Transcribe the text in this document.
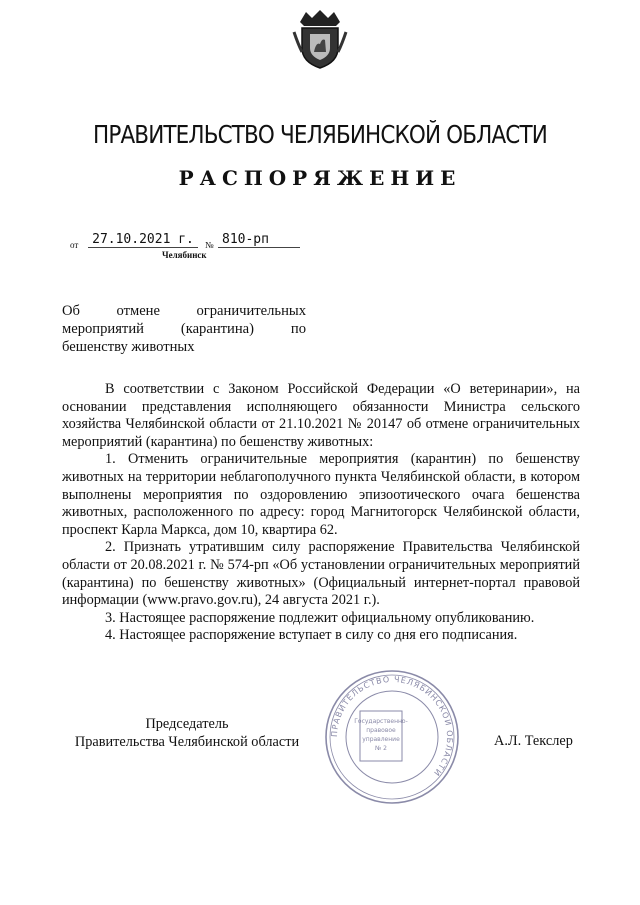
ПРАВИТЕЛЬСТВО ЧЕЛЯБИНСКОЙ ОБЛАСТИ
РАСПОРЯЖЕНИЕ
от	27.10.2021 г.	№ 810-рп
Челябинск
Об отмене ограничительных мероприятий (карантина) по бешенству животных

В соответствии с Законом Российской Федерации «О ветеринарии», на основании представления исполняющего обязанности Министра сельского хозяйства Челябинской области от 21.10.2021 № 20147 об отмене ограничительных мероприятий (карантина) по бешенству животных:

1. Отменить ограничительные мероприятия (карантин) по бешенству животных на территории неблагополучного пункта Челябинской области, в котором выполнены мероприятия по оздоровлению эпизоотического очага бешенства животных, расположенного по адресу: город Магнитогорск Челябинской области, проспект Карла Маркса, дом 10, квартира 62.

2. Признать утратившим силу распоряжение Правительства Челябинской области от 20.08.2021 г. № 574-рп «Об установлении ограничительных мероприятий (карантина) по бешенству животных» (Официальный интернет-портал правовой информации (www.pravo.gov.ru), 24 августа 2021 г.).

3. Настоящее распоряжение подлежит официальному опубликованию.

4. Настоящее распоряжение вступает в силу со дня его подписания.

Председатель
Правительства Челябинской области	А.Л. Текслер
ПРАВИТЕЛЬСТВО ЧЕЛЯБИНСКОЙ ОБЛАСТИ
Государственно-
правовое
управление
№ 2
